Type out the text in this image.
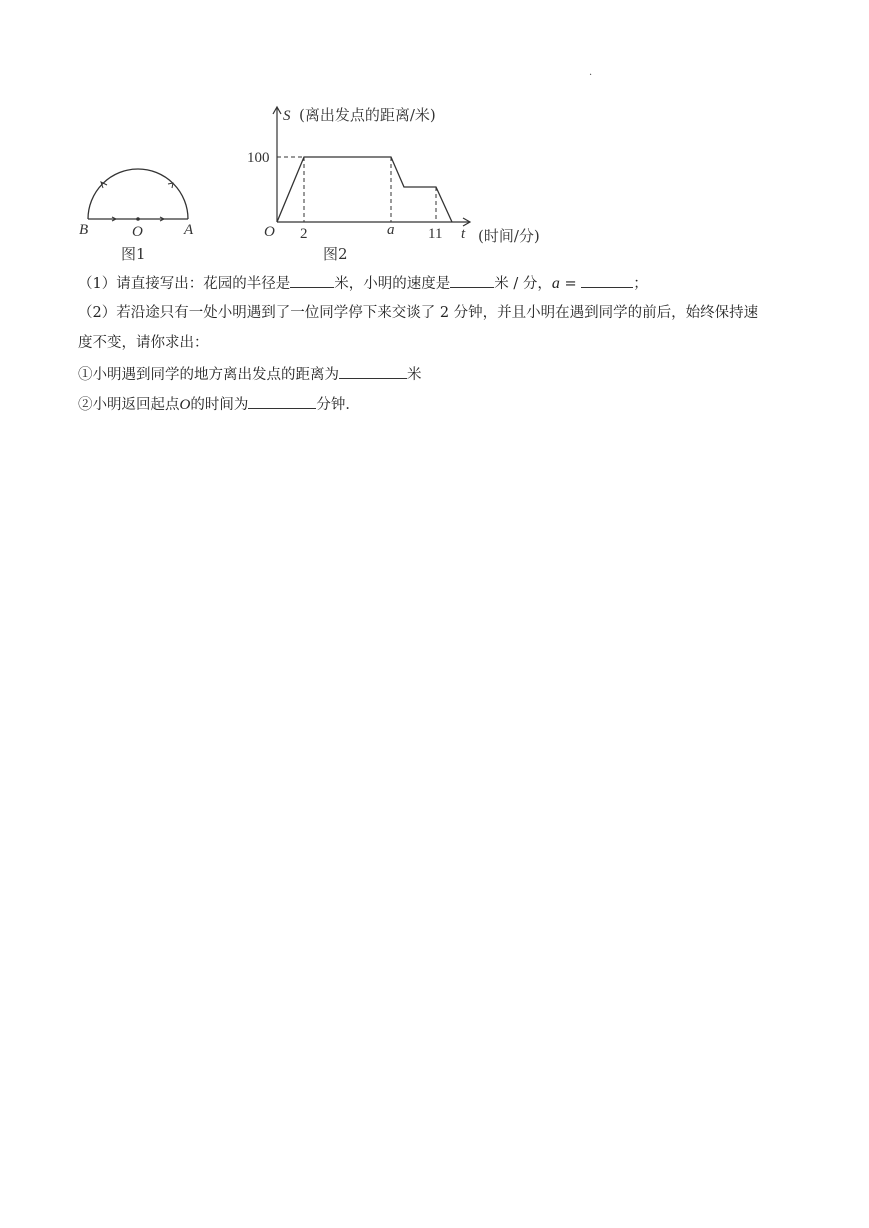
·
B	O	A
图1
S (离出发点的距离/米)
100
O 2	a 11 t (时间/分)
图2
（1）请直接写出：花园的半径是	米，小明的速度是	米 / 分，a =	；
（2）若沿途只有一处小明遇到了一位同学停下来交谈了 2 分钟，并且小明在遇到同学的前后，始终保持速
度不变，请你求出：
①小明遇到同学的地方离出发点的距离为	米
②小明返回起点O的时间为	分钟．
